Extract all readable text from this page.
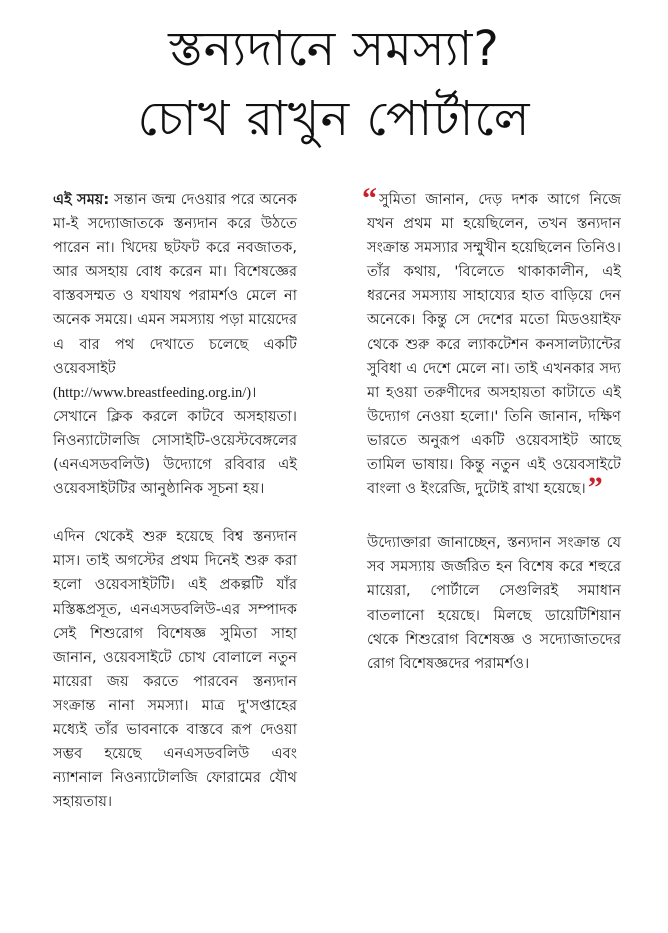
স্তন্যদানে সমস্যা?
চোখ রাখুন পোর্টালে

এই সময়: সন্তান জন্ম দেওয়ার পরে অনেক মা-ই সদ্যোজাতকে স্তন্যদান করে উঠতে পারেন না। খিদেয় ছটফট করে নবজাতক, আর অসহায় বোধ করেন মা। বিশেষজ্ঞের বাস্তবসম্মত ও যথাযথ পরামর্শও মেলে না অনেক সময়ে। এমন সমস্যায় পড়া মায়েদের এ বার পথ দেখাতে চলেছে একটি ওয়েবসাইট (http://www.breastfeeding.org.in/)। সেখানে ক্লিক করলে কাটবে অসহায়তা। নিওন্যাটোলজি সোসাইটি-ওয়েস্টবেঙ্গলের (এনএসডবলিউ) উদ্যোগে রবিবার এই ওয়েবসাইটটির আনুষ্ঠানিক সূচনা হয়।

এদিন থেকেই শুরু হয়েছে বিশ্ব স্তন্যদান মাস। তাই অগস্টের প্রথম দিনেই শুরু করা হলো ওয়েবসাইটটি। এই প্রকল্পটি যাঁর মস্তিষ্কপ্রসূত, এনএসডবলিউ-এর সম্পাদক সেই শিশুরোগ বিশেষজ্ঞ সুমিতা সাহা জানান, ওয়েবসাইটে চোখ বোলালে নতুন মায়েরা জয় করতে পারবেন স্তন্যদান সংক্রান্ত নানা সমস্যা। মাত্র দু'সপ্তাহের মধ্যেই তাঁর ভাবনাকে বাস্তবে রূপ দেওয়া সম্ভব হয়েছে এনএসডবলিউ এবং ন্যাশনাল নিওন্যাটোলজি ফোরামের যৌথ সহায়তায়।

“ সুমিতা জানান, দেড় দশক আগে নিজে যখন প্রথম মা হয়েছিলেন, তখন স্তন্যদান সংক্রান্ত সমস্যার সম্মুখীন হয়েছিলেন তিনিও। তাঁর কথায়, 'বিলেতে থাকাকালীন, এই ধরনের সমস্যায় সাহায্যের হাত বাড়িয়ে দেন অনেকে। কিন্তু সে দেশের মতো মিডওয়াইফ থেকে শুরু করে ল্যাকটেশন কনসালট্যান্টের সুবিধা এ দেশে মেলে না। তাই এখনকার সদ্য মা হওয়া তরুণীদের অসহায়তা কাটাতে এই উদ্যোগ নেওয়া হলো।' তিনি জানান, দক্ষিণ ভারতে অনুরূপ একটি ওয়েবসাইট আছে তামিল ভাষায়। কিন্তু নতুন এই ওয়েবসাইটে বাংলা ও ইংরেজি, দুটোই রাখা হয়েছে।”

উদ্যোক্তারা জানাচ্ছেন, স্তন্যদান সংক্রান্ত যে সব সমস্যায় জর্জরিত হন বিশেষ করে শহুরে মায়েরা, পোর্টালে সেগুলিরই সমাধান বাতলানো হয়েছে। মিলছে ডায়েটিশিয়ান থেকে শিশুরোগ বিশেষজ্ঞ ও সদ্যোজাতদের রোগ বিশেষজ্ঞদের পরামর্শও।
